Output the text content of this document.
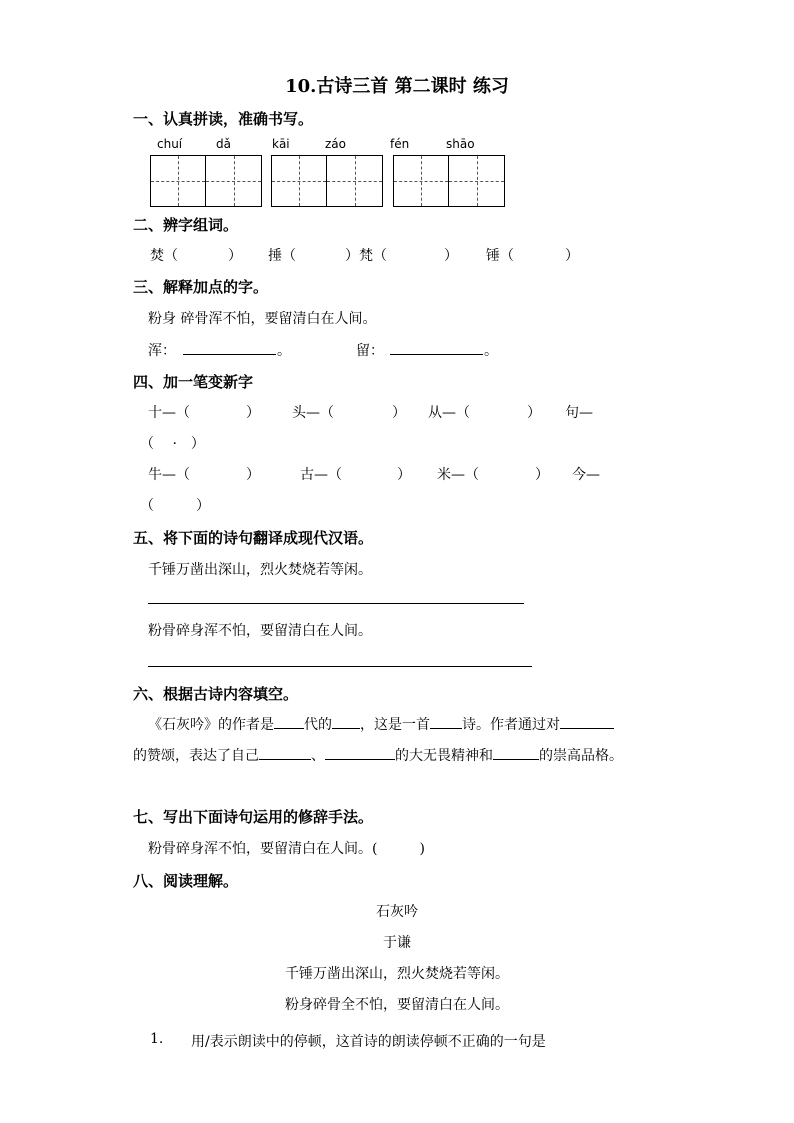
10.古诗三首 第二课时 练习
一、认真拼读，准确书写。
chuí	dǎ	kāi	záo	fén	shāo
二、辨字组词。
焚（	） 捶（	）梵（	） 锤（	）
三、解释加点的字。
粉身 碎骨浑不怕，要留清白在人间。
浑：	。	留：	。
四、加一笔变新字
十—（	） 头—（	） 从—（	） 句—
（　 ·　）
牛—（	）	古—（	） 米—（	） 今—
（　　　）
五、将下面的诗句翻译成现代汉语。
千锤万凿出深山，烈火焚烧若等闲。
粉骨碎身浑不怕，要留清白在人间。
六、根据古诗内容填空。
《石灰吟》的作者是 代的 ，这是一首 诗。作者通过对
的赞颂，表达了自己	、	的大无畏精神和	的崇高品格。
七、写出下面诗句运用的修辞手法。
粉骨碎身浑不怕，要留清白在人间。(　　　)
八、阅读理解。
石灰吟
于谦
千锤万凿出深山，烈火焚烧若等闲。
粉身碎骨全不怕，要留清白在人间。
1. 用/表示朗读中的停顿，这首诗的朗读停顿不正确的一句是
